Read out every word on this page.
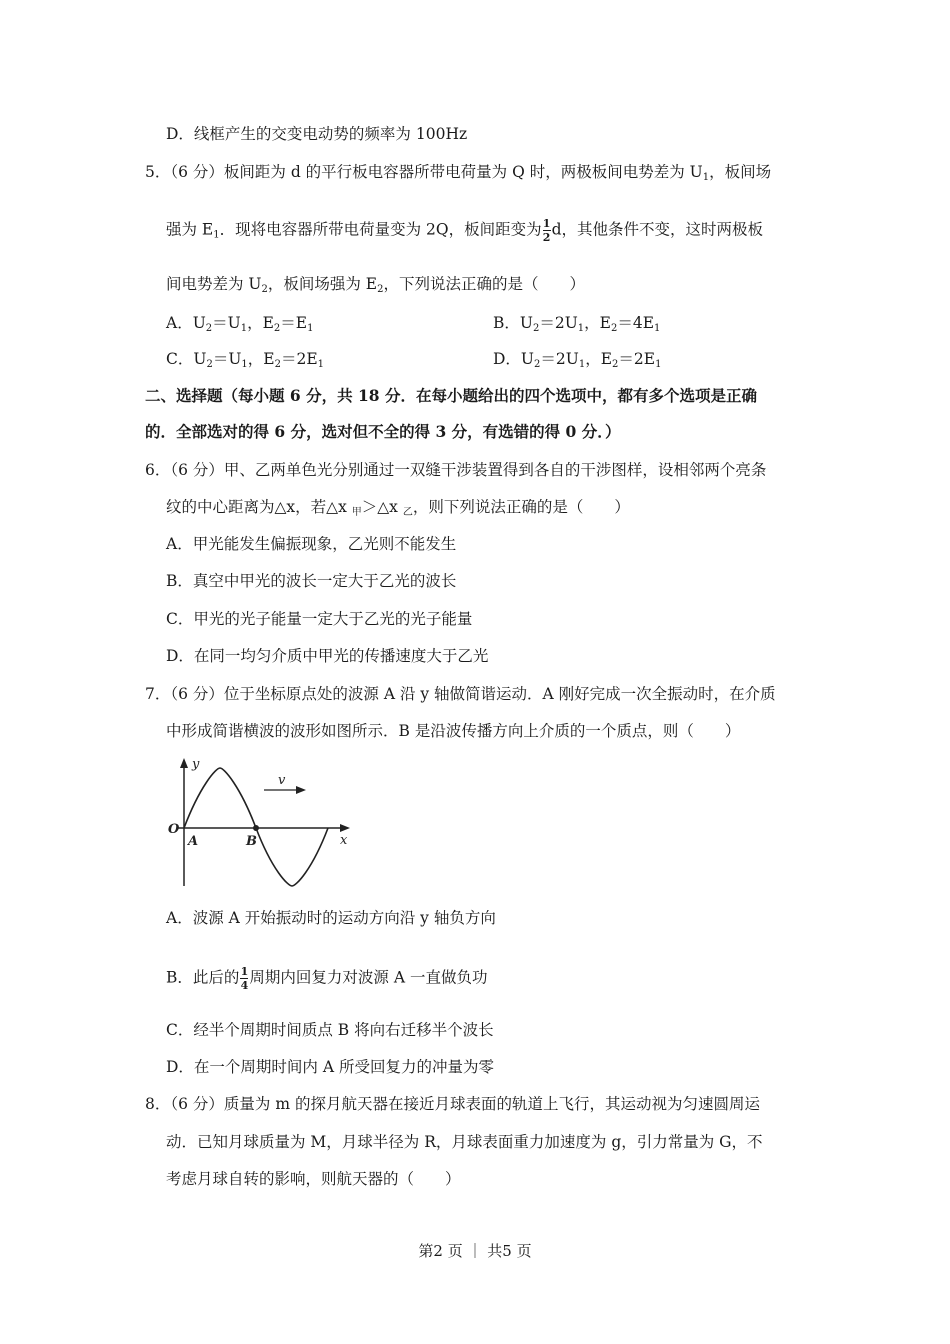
D．线框产生的交变电动势的频率为 100Hz
5．（6 分）板间距为 d 的平行板电容器所带电荷量为 Q 时，两极板间电势差为 $U_1$，板间场
强为 $E_1$．现将电容器所带电荷量变为 2Q，板间距变为 $\frac{1}{2}$ d，其他条件不变，这时两极板
间电势差为 $U_2$，板间场强为 $E_2$，下列说法正确的是（　　）
A．$U_2=U_1$，$E_2=E_1$	B．$U_2=2U_1$，$E_2=4E_1$
C．$U_2=U_1$，$E_2=2E_1$	D．$U_2=2U_1$，$E_2=2E_1$
二、选择题（每小题 6 分，共 18 分．在每小题给出的四个选项中，都有多个选项是正确
的．全部选对的得 6 分，选对但不全的得 3 分，有选错的得 0 分．）
6．（6 分）甲、乙两单色光分别通过一双缝干涉装置得到各自的干涉图样，设相邻两个亮条
纹的中心距离为△x，若△x $_甲$＞△x $_乙$，则下列说法正确的是（　　）
A．甲光能发生偏振现象，乙光则不能发生
B．真空中甲光的波长一定大于乙光的波长
C．甲光的光子能量一定大于乙光的光子能量
D．在同一均匀介质中甲光的传播速度大于乙光
7．（6 分）位于坐标原点处的波源 A 沿 y 轴做简谐运动．A 刚好完成一次全振动时，在介质
中形成简谐横波的波形如图所示．B 是沿波传播方向上介质的一个质点，则（　　）
y
x
v
O
A	B
A．波源 A 开始振动时的运动方向沿 y 轴负方向
B．此后的 $\frac{1}{4}$ 周期内回复力对波源 A 一直做负功
C．经半个周期时间质点 B 将向右迁移半个波长
D．在一个周期时间内 A 所受回复力的冲量为零
8．（6 分）质量为 m 的探月航天器在接近月球表面的轨道上飞行，其运动视为匀速圆周运
动．已知月球质量为 M，月球半径为 R，月球表面重力加速度为 g，引力常量为 G，不
考虑月球自转的影响，则航天器的（　　）
第2 页 ｜ 共5 页
